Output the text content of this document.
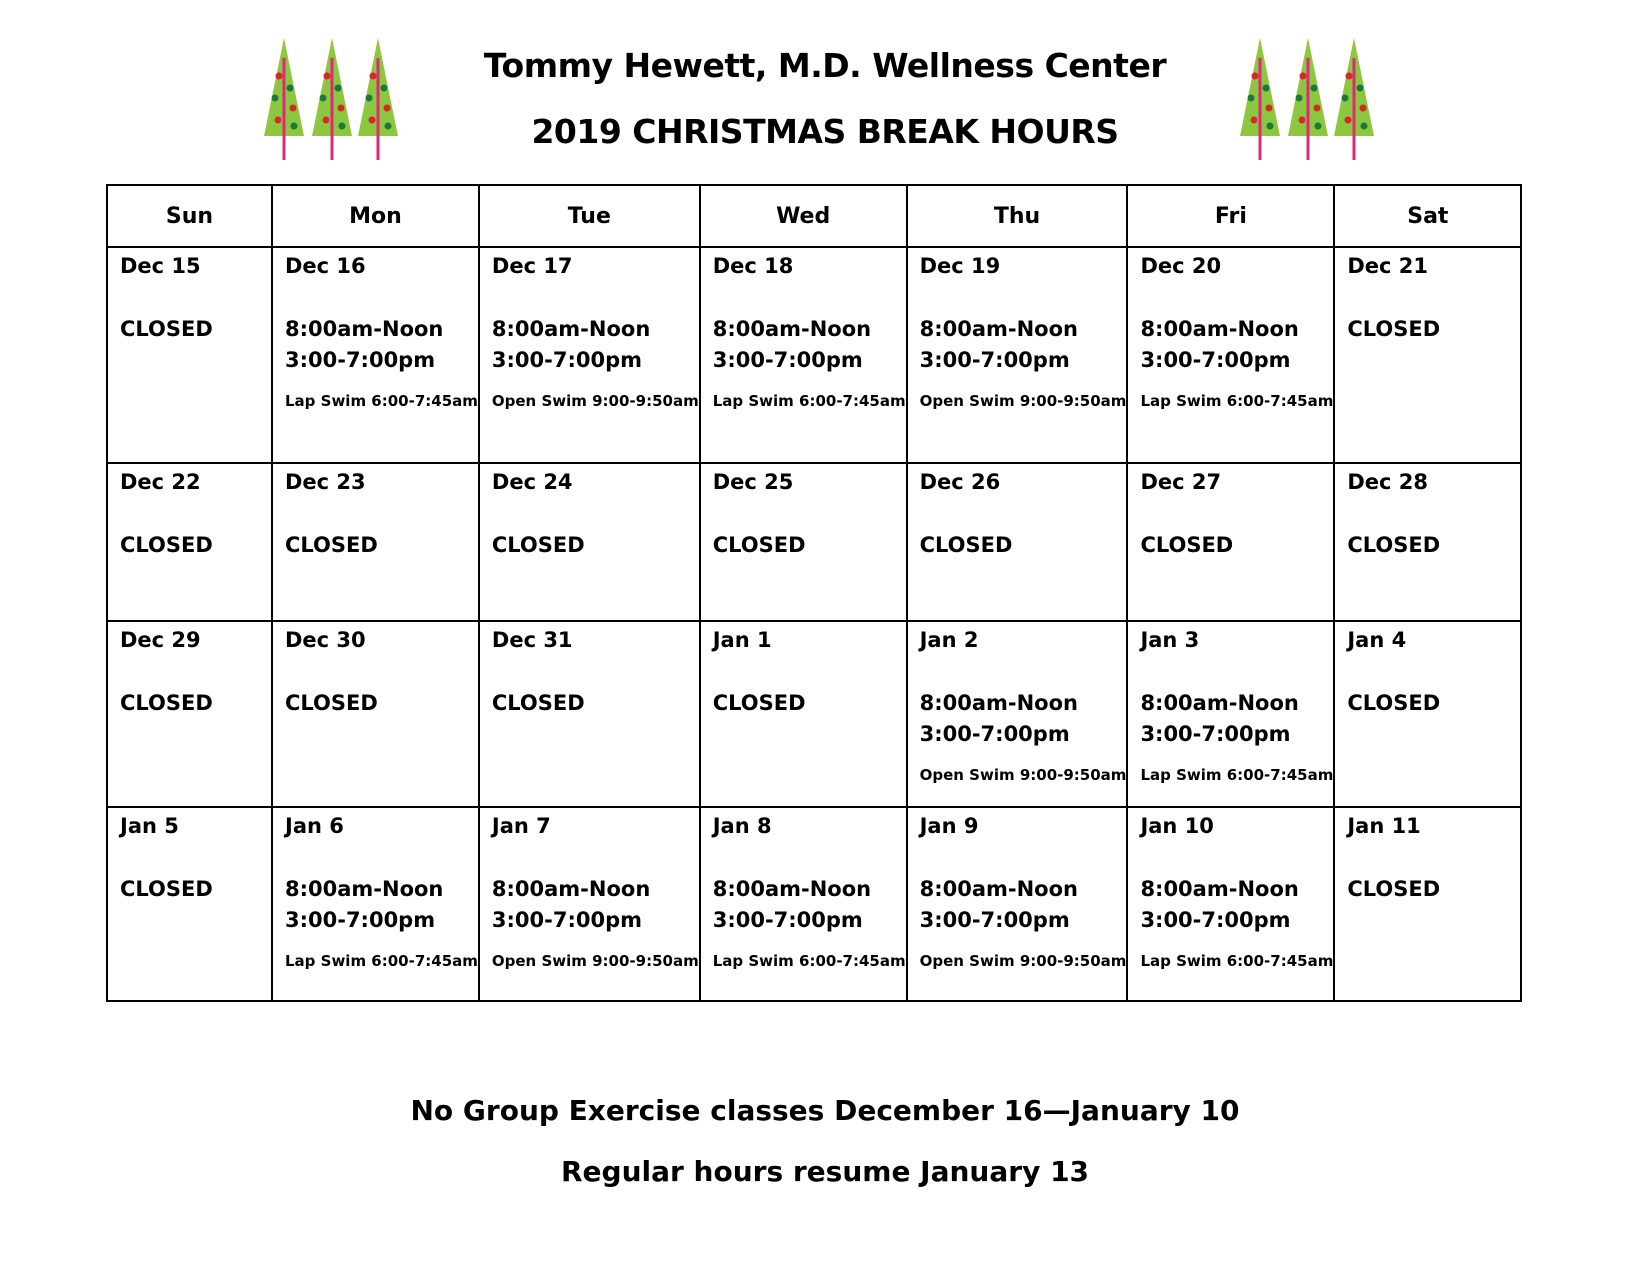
Tommy Hewett, M.D. Wellness Center
2019 CHRISTMAS BREAK HOURS
Sun	Mon	Tue	Wed	Thu	Fri	Sat

Dec 15
CLOSED	Dec 16
8:00am-Noon
3:00-7:00pm
Lap Swim 6:00-7:45am	Dec 17
8:00am-Noon
3:00-7:00pm
Open Swim 9:00-9:50am	Dec 18
8:00am-Noon
3:00-7:00pm
Lap Swim 6:00-7:45am	Dec 19
8:00am-Noon
3:00-7:00pm
Open Swim 9:00-9:50am	Dec 20
8:00am-Noon
3:00-7:00pm
Lap Swim 6:00-7:45am	Dec 21
CLOSED

Dec 22
CLOSED	Dec 23
CLOSED	Dec 24
CLOSED	Dec 25
CLOSED	Dec 26
CLOSED	Dec 27
CLOSED	Dec 28
CLOSED

Dec 29
CLOSED	Dec 30
CLOSED	Dec 31
CLOSED	Jan 1
CLOSED	Jan 2
8:00am-Noon
3:00-7:00pm
Open Swim 9:00-9:50am	Jan 3
8:00am-Noon
3:00-7:00pm
Lap Swim 6:00-7:45am	Jan 4
CLOSED

Jan 5
CLOSED	Jan 6
8:00am-Noon
3:00-7:00pm
Lap Swim 6:00-7:45am	Jan 7
8:00am-Noon
3:00-7:00pm
Open Swim 9:00-9:50am	Jan 8
8:00am-Noon
3:00-7:00pm
Lap Swim 6:00-7:45am	Jan 9
8:00am-Noon
3:00-7:00pm
Open Swim 9:00-9:50am	Jan 10
8:00am-Noon
3:00-7:00pm
Lap Swim 6:00-7:45am	Jan 11
CLOSED
No Group Exercise classes December 16—January 10
Regular hours resume January 13
